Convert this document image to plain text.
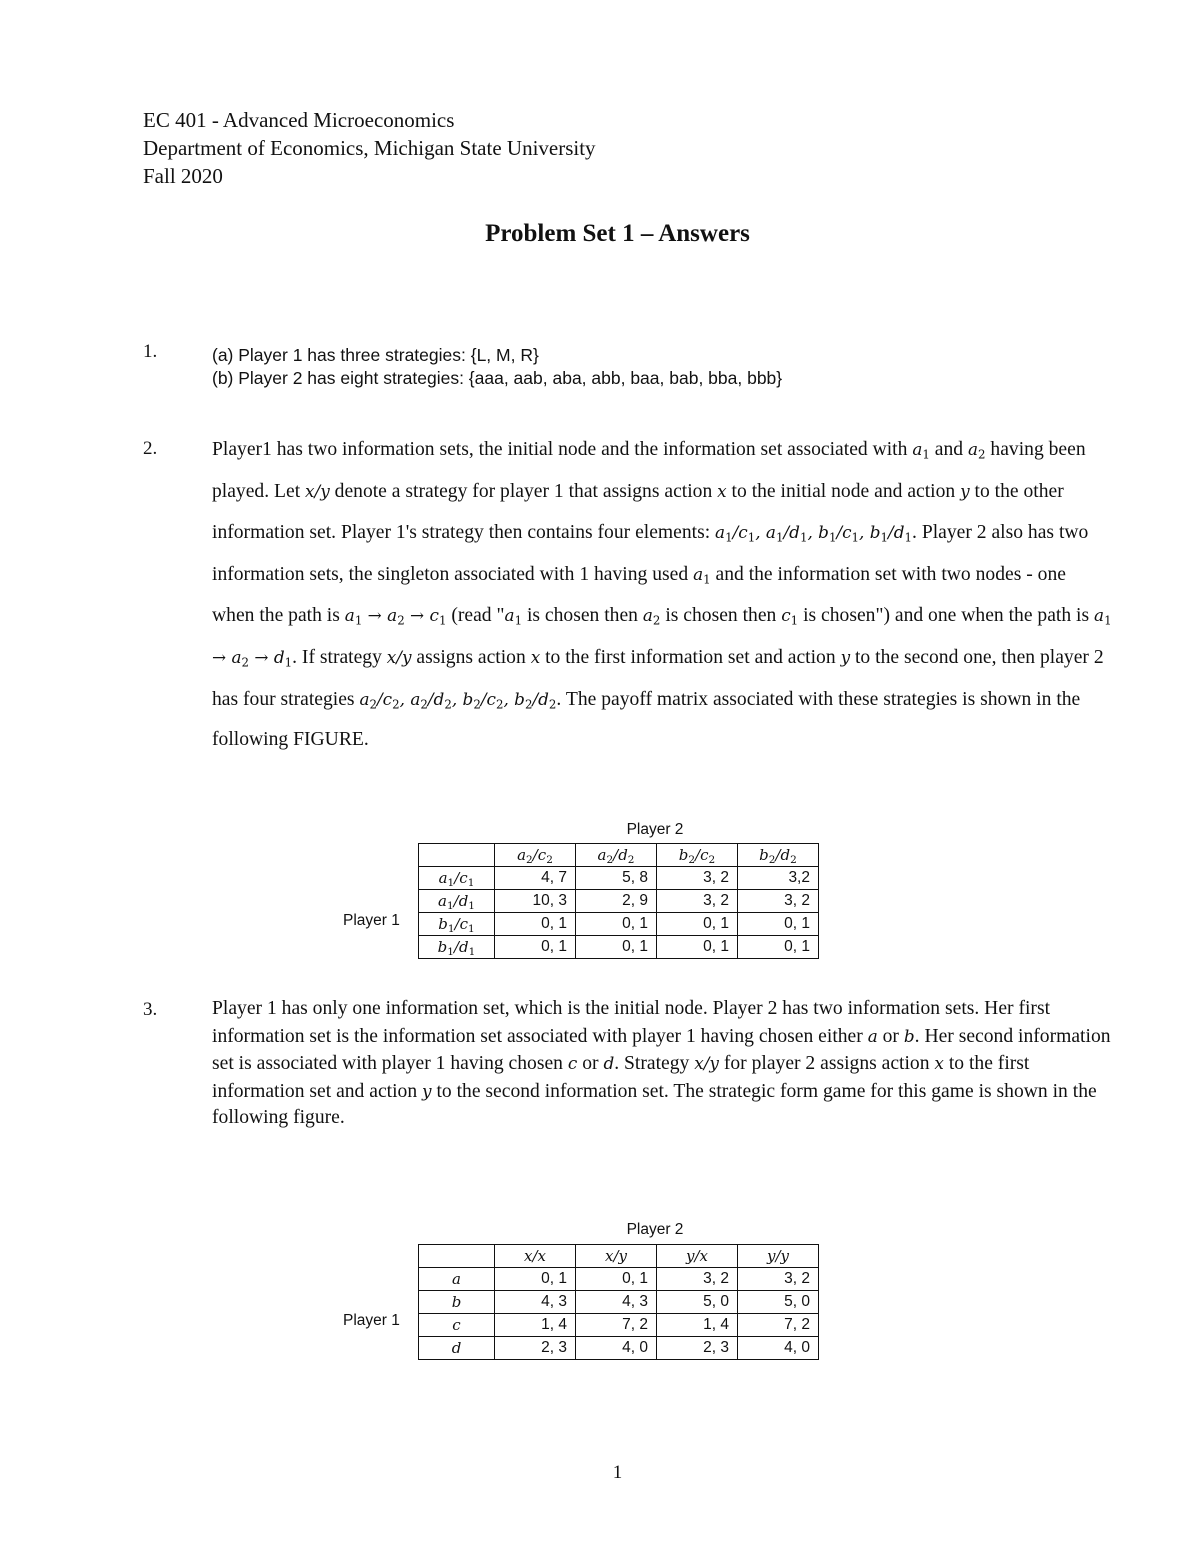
EC 401 - Advanced Microeconomics
Department of Economics, Michigan State University
Fall 2020
Problem Set 1 – Answers
1.	(a) Player 1 has three strategies: {L, M, R}
(b) Player 2 has eight strategies: {aaa, aab, aba, abb, baa, bab, bba, bbb}
2.	Player1 has two information sets, the initial node and the information set associated with $a_1$ and $a_2$ having been played. Let x/y denote a strategy for player 1 that assigns action x to the initial node and action y to the other information set. Player 1's strategy then contains four elements: $a_1/c_1$, $a_1/d_1$, $b_1/c_1$, $b_1/d_1$. Player 2 also has two information sets, the singleton associated with 1 having used $a_1$ and the information set with two nodes - one when the path is $a_1 \to a_2 \to c_1$ (read "$a_1$ is chosen then $a_2$ is chosen then $c_1$ is chosen") and one when the path is $a_1 \to a_2 \to d_1$. If strategy x/y assigns action x to the first information set and action y to the second one, then player 2 has four strategies $a_2/c_2$, $a_2/d_2$, $b_2/c_2$, $b_2/d_2$. The payoff matrix associated with these strategies is shown in the following FIGURE.
Player 2
Player 1
	$a_2/c_2$	$a_2/d_2$	$b_2/c_2$	$b_2/d_2$
$a_1/c_1$	4, 7	5, 8	3, 2	3,2
$a_1/d_1$	10, 3	2, 9	3, 2	3, 2
$b_1/c_1$	0, 1	0, 1	0, 1	0, 1
$b_1/d_1$	0, 1	0, 1	0, 1	0, 1
3.	Player 1 has only one information set, which is the initial node. Player 2 has two information sets. Her first information set is the information set associated with player 1 having chosen either a or b. Her second information set is associated with player 1 having chosen c or d. Strategy x/y for player 2 assigns action x to the first information set and action y to the second information set. The strategic form game for this game is shown in the following figure.
Player 2
Player 1
	x/x	x/y	y/x	y/y
a	0, 1	0, 1	3, 2	3, 2
b	4, 3	4, 3	5, 0	5, 0
c	1, 4	7, 2	1, 4	7, 2
d	2, 3	4, 0	2, 3	4, 0
1
